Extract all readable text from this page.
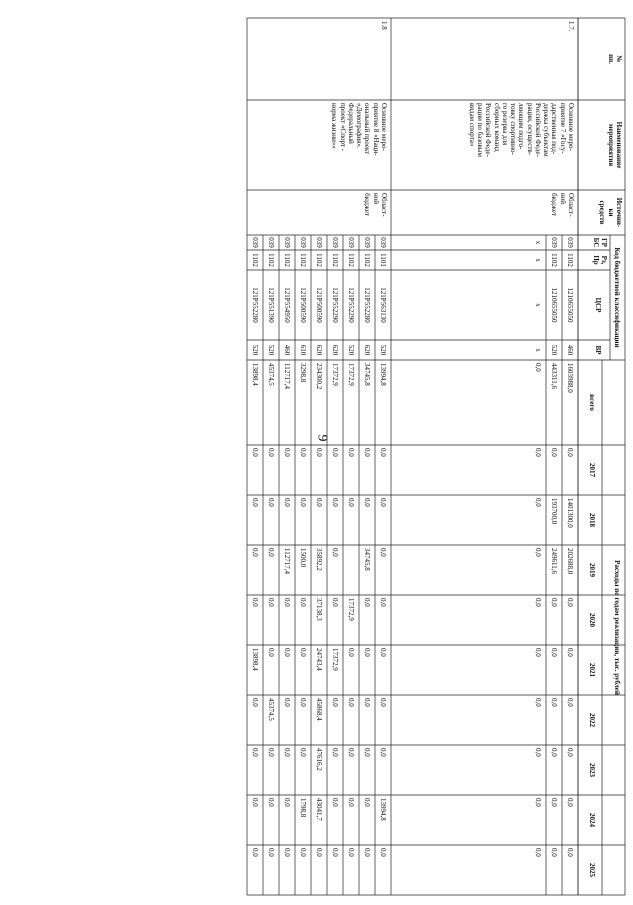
9
№
пп.
Наименование
мероприятия
Источни-
ки
средств
Код бюджетной классификации
ГР
БС
Рз,
Пр
ЦСР
ВР
Расходы по годам реализации, тыс. рублей
всего
2017
2018
2019
2020
2021
2022
2023
2024
2025
1.7.
Основное меро-
приятие 7 «Госу-
дарственная под-
держка субъектам
Российской Феде-
рации, осуществ-
ляющим подго-
товку спортивно-
го резерва для
сборных команд
Российской Феде-
рации по базовым
видам спорта»
Област-
ной
бюджет
1.8
Основное меро-
приятие 8 «Наци-
ональный проект
«Демография».
Федеральный
проект «Спорт -
норма жизни»»
Област-
ной
бюджет
039
1102
1210655050
460
1603988,0
0,0
1401300,0
202688,0
0,0
0,0
0,0
0,0
0,0
0,0
039
1102
1210655050
520
443311,6
0,0
193700,0
249611,6
0,0
0,0
0,0
0,0
0,0
0,0
x
x
x
x
0,0
0,0
0,0
0,0
0,0
0,0
0,0
0,0
0,0
0,0
039
1101
121P563130
520
13994,8
0,0
0,0
0,0
0,0
0,0
0,0
0,0
13994,8
0,0
039
1102
121P552280
620
34745,8
0,0
0,0
34745,8
0,0
0,0
0,0
0,0
0,0
0,0
039
1102
121P552290
520
17372,9
0,0
0,0
17372,9
0,0
0,0
0,0
0,0
0,0
039
1102
121P552290
620
17372,9
0,0
0,0
0,0
0,0
17372,9
0,0
0,0
0,0
0,0
039
1102
121P500590
620
234300,2
0,0
0,0
35892,2
37138,3
24743,4
45868,4
47616,2
43041,7
0,0
039
1102
121P500590
610
3298,8
0,0
0,0
1500,0
0,0
0,0
0,0
0,0
1798,8
0,0
039
1102
121P554950
460
112717,4
0,0
0,0
112717,4
0,0
0,0
0,0
0,0
0,0
0,0
039
1102
121P551390
520
45374,5
0,0
0,0
0,0
0,0
0,0
45374,5
0,0
0,0
0,0
039
1102
121P552280
520
13898,4
0,0
0,0
0,0
0,0
13898,4
0,0
0,0
0,0
0,0
